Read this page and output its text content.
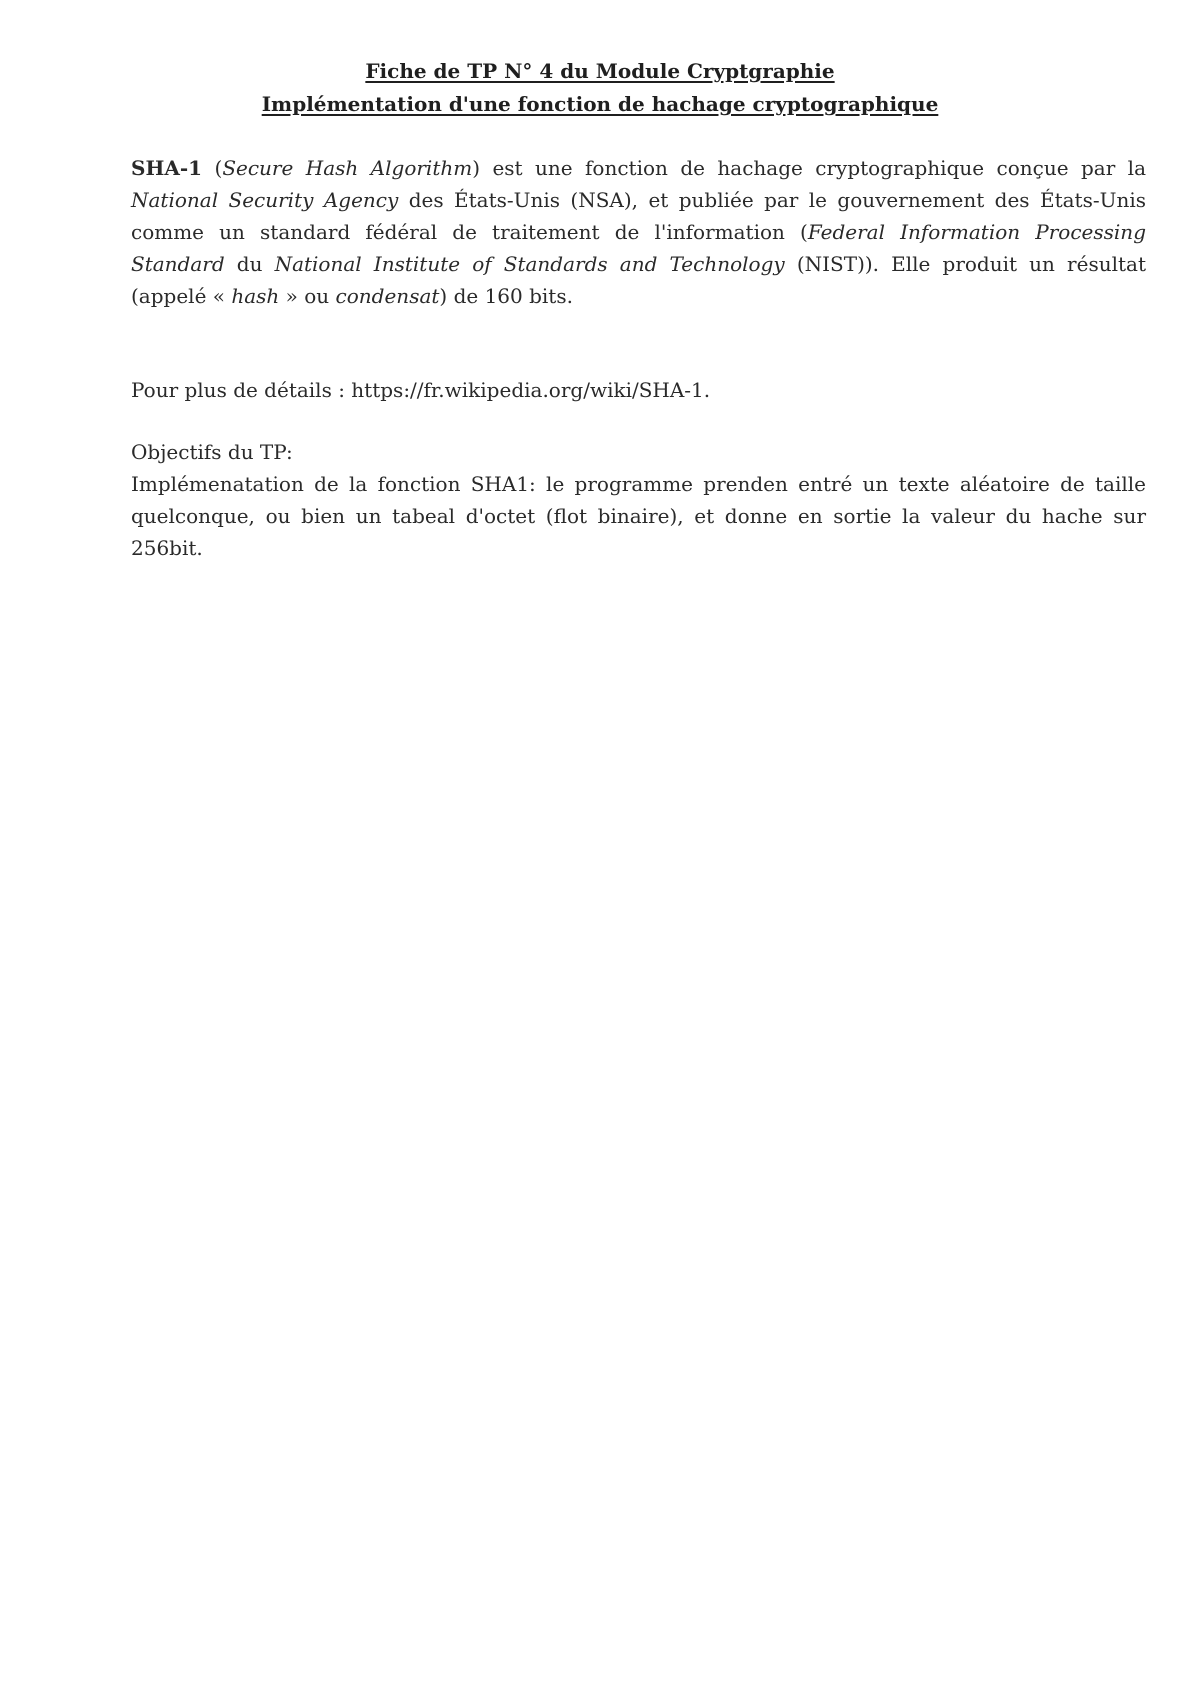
Fiche de TP N° 4 du Module Cryptgraphie
Implémentation d'une fonction de hachage cryptographique

SHA-1 (Secure Hash Algorithm) est une fonction de hachage cryptographique conçue par la National Security Agency des États-Unis (NSA), et publiée par le gouvernement des États-Unis comme un standard fédéral de traitement de l'information (Federal Information Processing Standard du National Institute of Standards and Technology (NIST)). Elle produit un résultat (appelé « hash » ou condensat) de 160 bits.

Pour plus de détails : https://fr.wikipedia.org/wiki/SHA-1.

Objectifs du TP:

Implémenatation de la fonction SHA1: le programme prenden entré un texte aléatoire de taille quelconque, ou bien un tabeal d'octet (flot binaire), et donne en sortie la valeur du hache sur 256bit.
